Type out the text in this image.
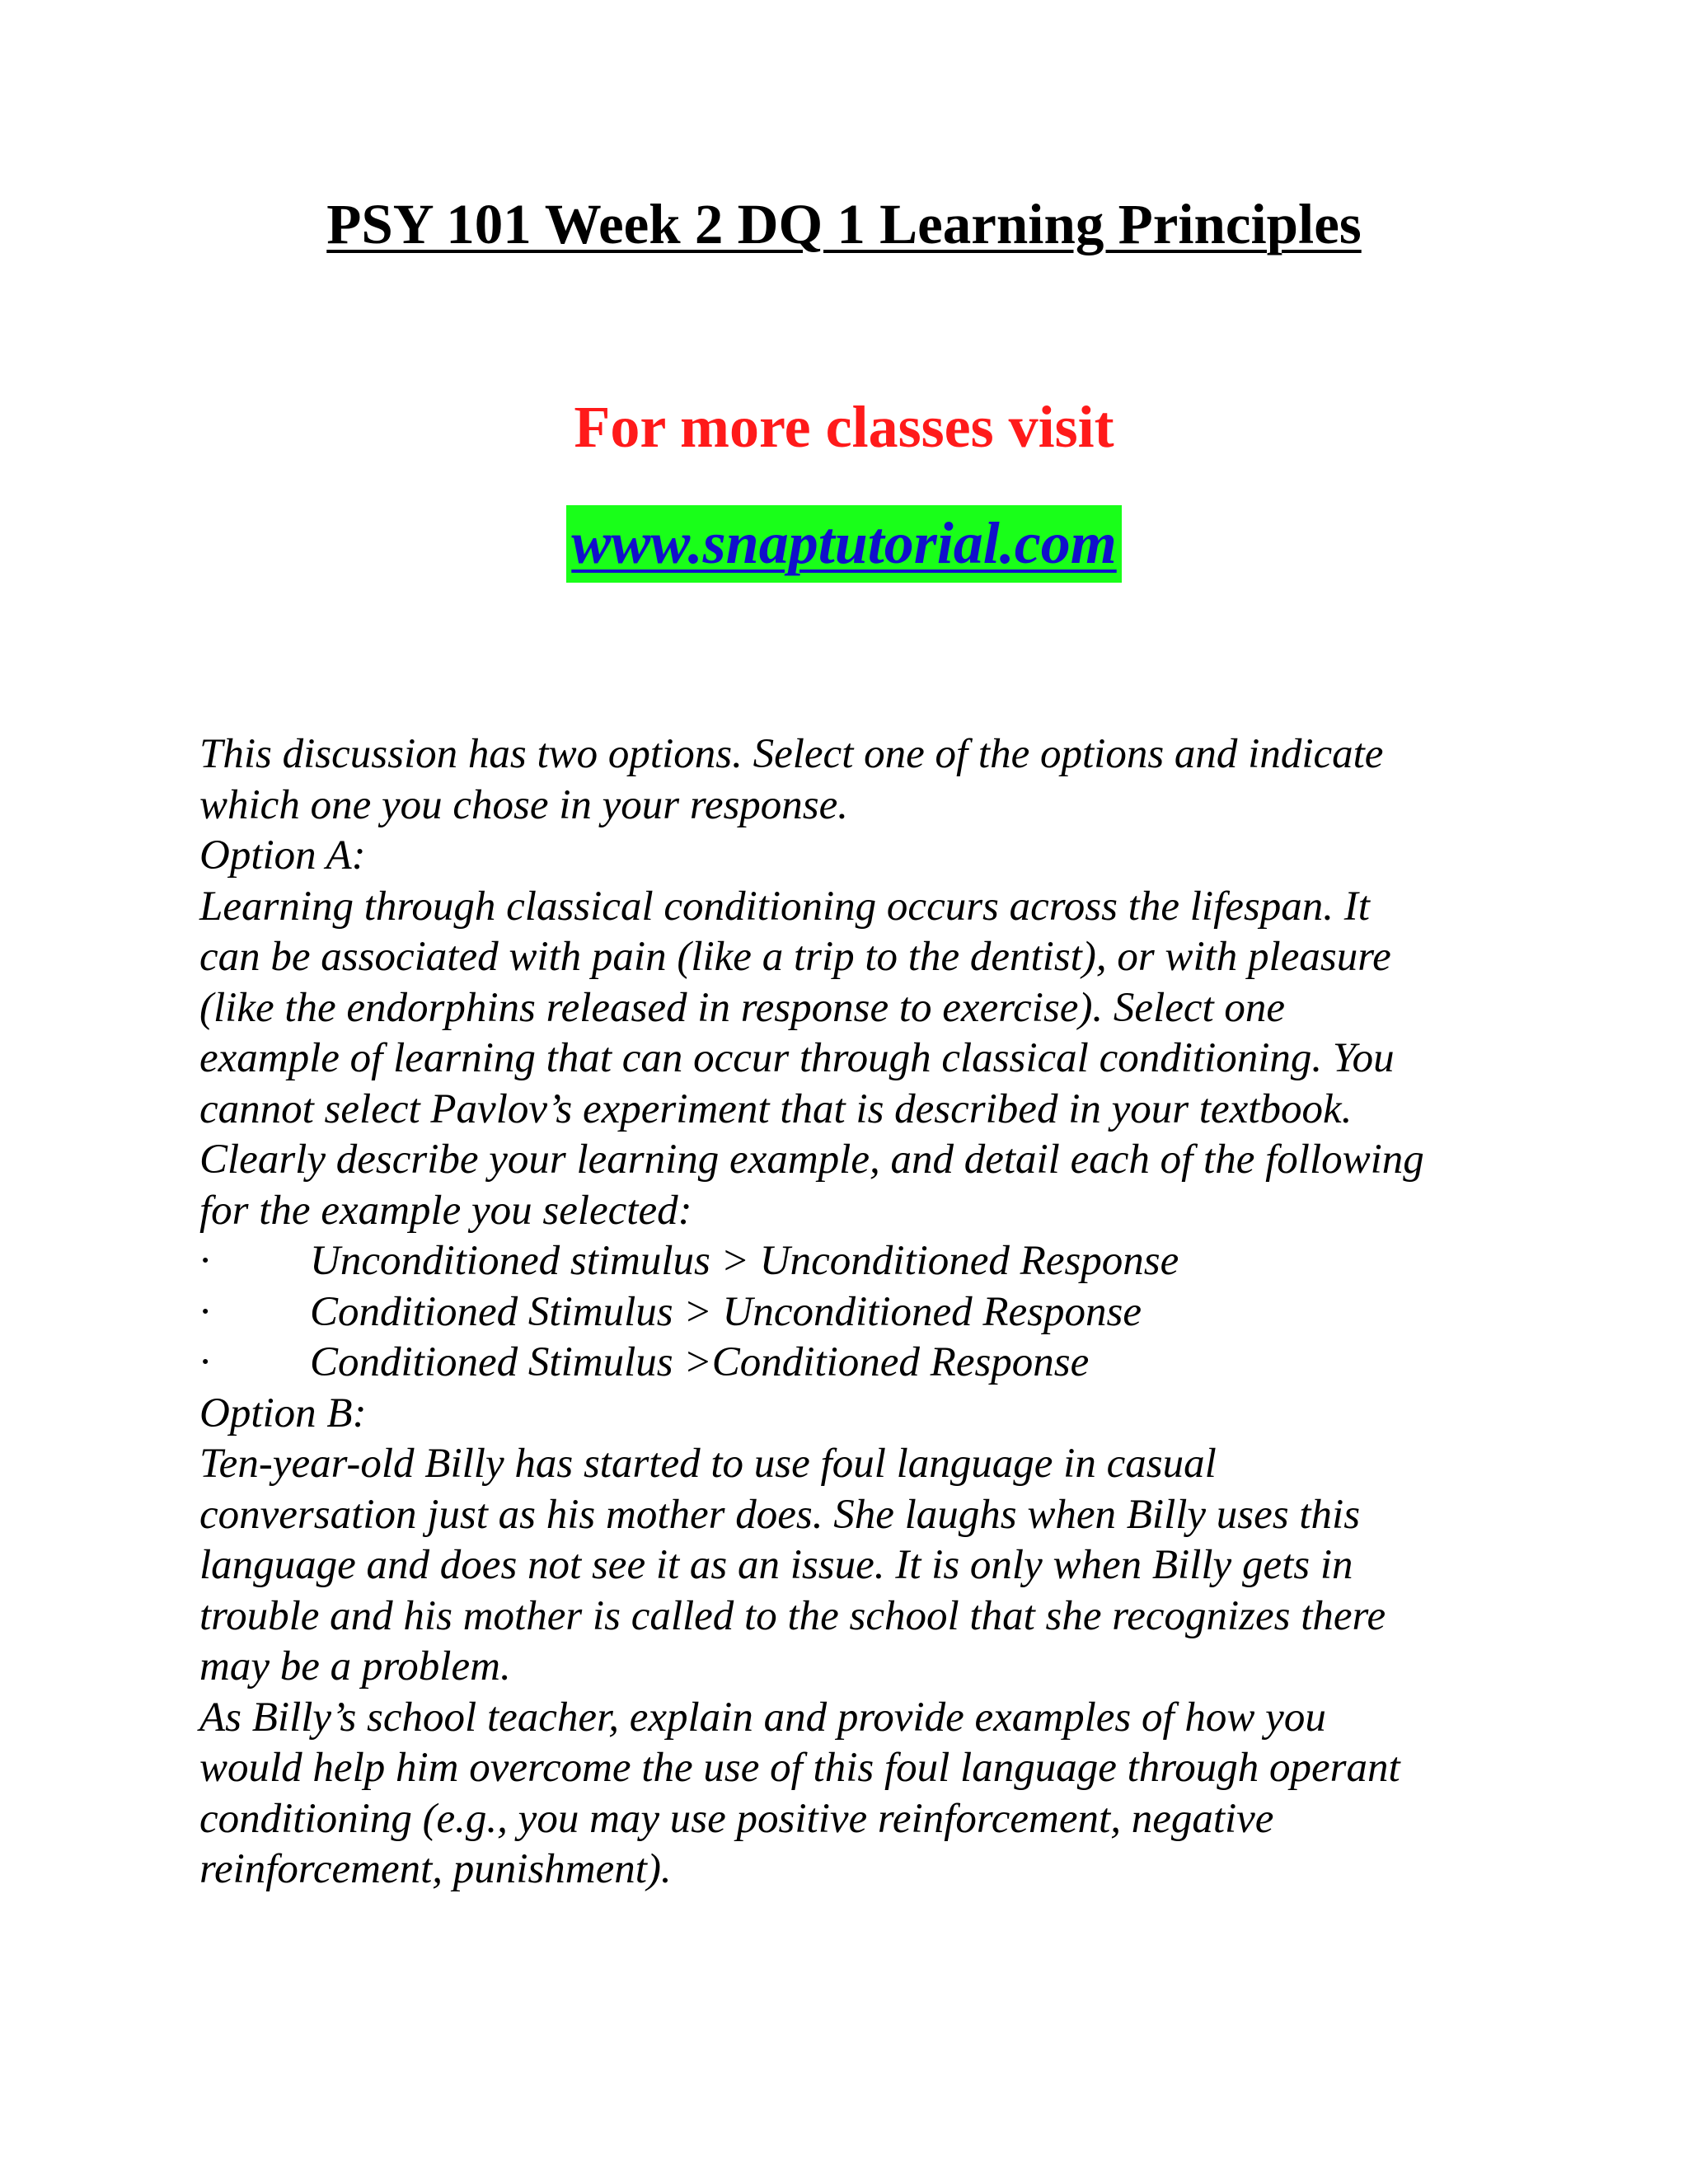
PSY 101 Week 2 DQ 1 Learning Principles

For more classes visit

www.snaptutorial.com
This discussion has two options. Select one of the options and indicate
which one you chose in your response.
Option A:
Learning through classical conditioning occurs across the lifespan. It
can be associated with pain (like a trip to the dentist), or with pleasure
(like the endorphins released in response to exercise). Select one
example of learning that can occur through classical conditioning. You
cannot select Pavlov’s experiment that is described in your textbook.
Clearly describe your learning example, and detail each of the following
for the example you selected:
· Unconditioned stimulus > Unconditioned Response
· Conditioned Stimulus > Unconditioned Response
· Conditioned Stimulus >Conditioned Response
Option B:
Ten-year-old Billy has started to use foul language in casual
conversation just as his mother does. She laughs when Billy uses this
language and does not see it as an issue. It is only when Billy gets in
trouble and his mother is called to the school that she recognizes there
may be a problem.
As Billy’s school teacher, explain and provide examples of how you
would help him overcome the use of this foul language through operant
conditioning (e.g., you may use positive reinforcement, negative
reinforcement, punishment).
